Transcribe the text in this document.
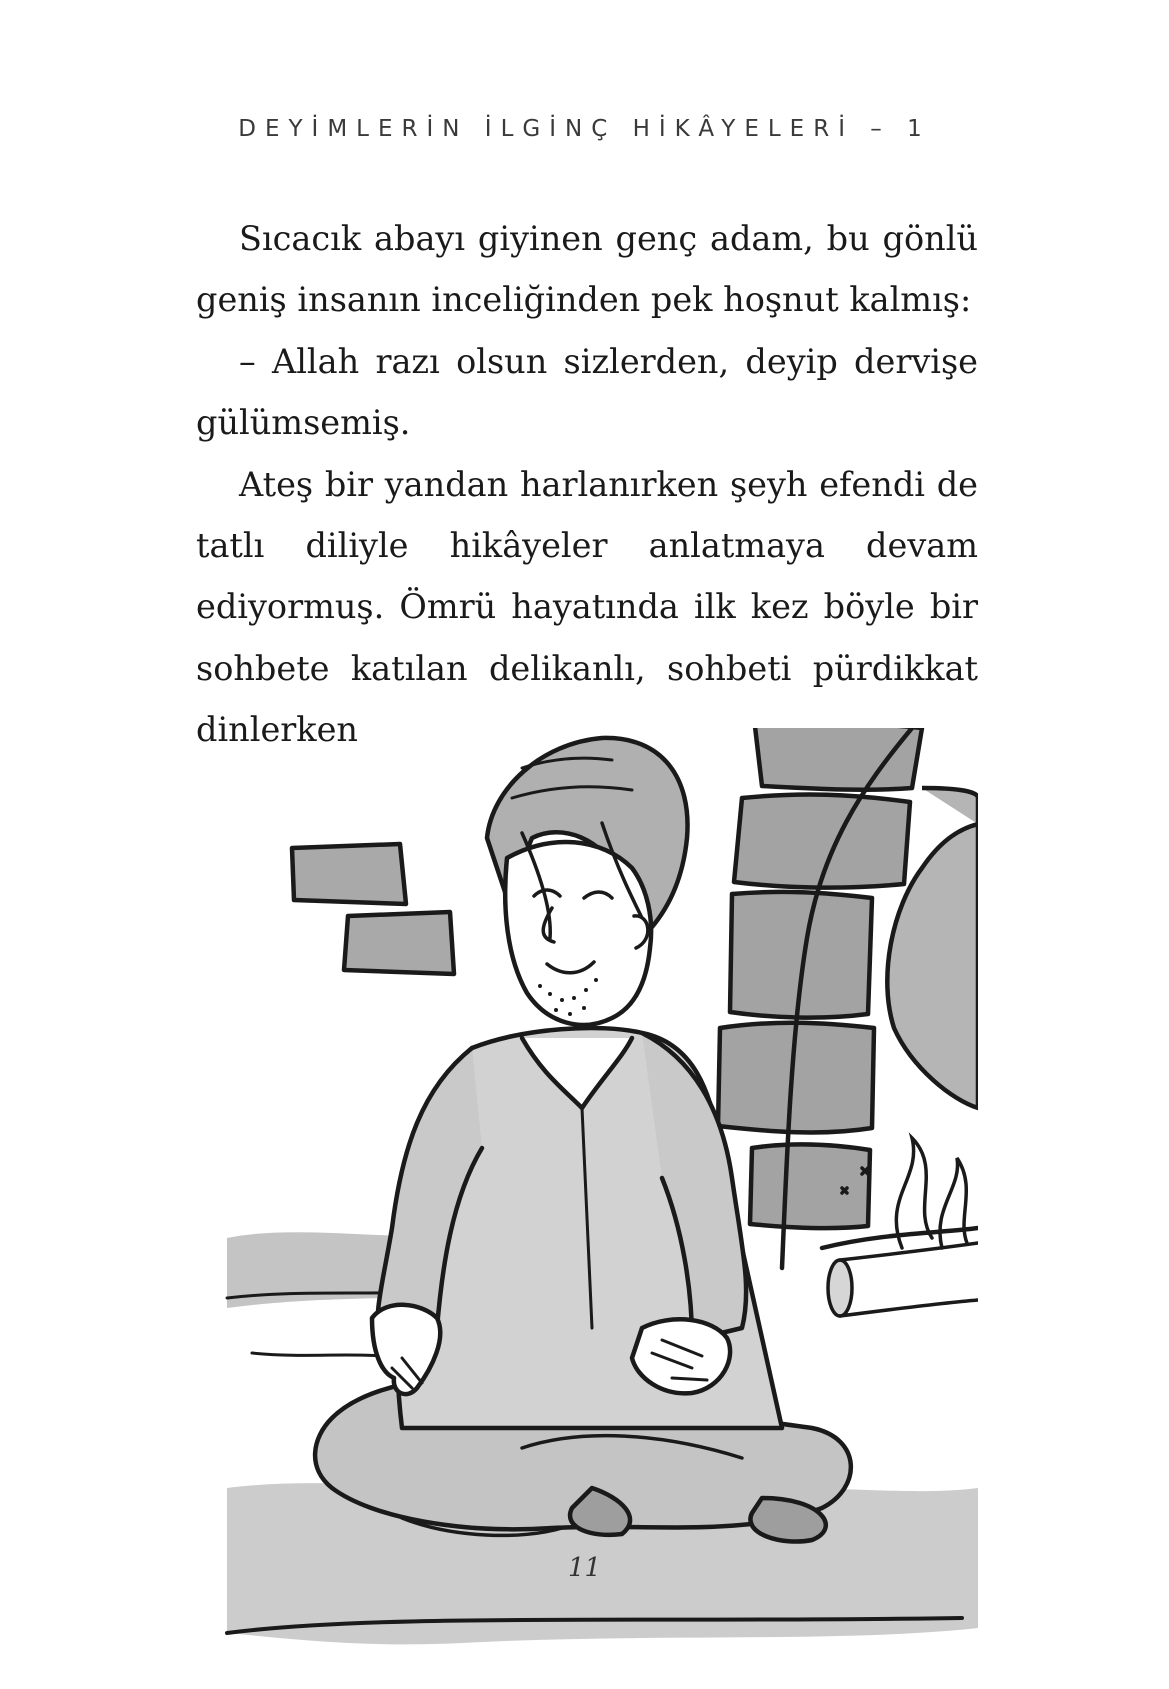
DEYİMLERİN İLGİNÇ HİKÂYELERİ – 1

Sıcacık abayı giyinen genç adam, bu gönlü geniş insanın inceliğinden pek hoşnut kalmış:

– Allah razı olsun sizlerden, deyip dervişe gülümsemiş.

Ateş bir yandan harlanırken şeyh efendi de tatlı diliyle hikâyeler anlatmaya devam ediyormuş. Ömrü hayatında ilk kez böyle bir sohbete katılan delikanlı, sohbeti pürdikkat dinlerken

11
